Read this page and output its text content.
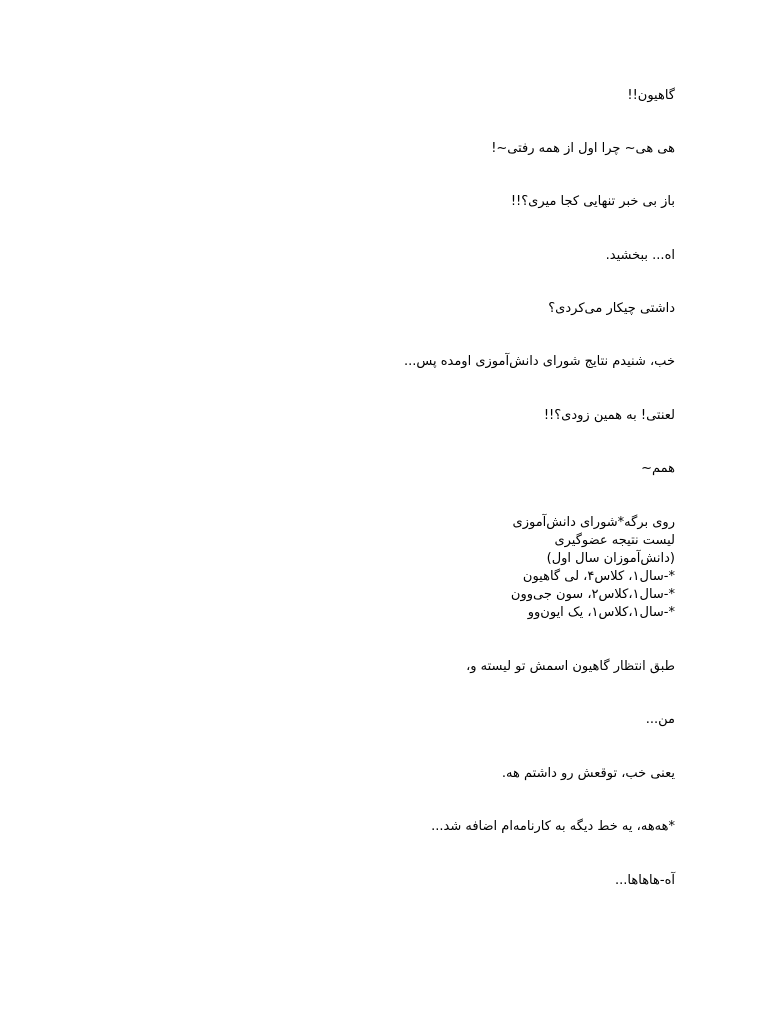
گاهیون!!
هی هی~ چرا اول از همه رفتی~!
باز بی خبر تنهایی کجا میری؟!!
اه... ببخشید.
داشتی چیکار می‌کردی؟
خب، شنیدم نتایج شورای دانش‌آموزی اومده پس...
لعنتی! به همین زودی؟!!
همم~
روی برگه*شورای دانش‌آموزی
لیست نتیجه عضوگیری
(دانش‌آموزان سال اول)
*-سال۱، کلاس۴، لی گاهیون
*-سال۱،کلاس۲، سون جی‌وون
*-سال۱،کلاس۱، یک ایون‌وو
طبق انتظار گاهیون اسمش تو لیسته و،
من...
یعنی خب، توقعش رو داشتم هه.
*هه‌هه، یه خط دیگه به کارنامه‌ام اضافه شد...
آه-هاهاها...
